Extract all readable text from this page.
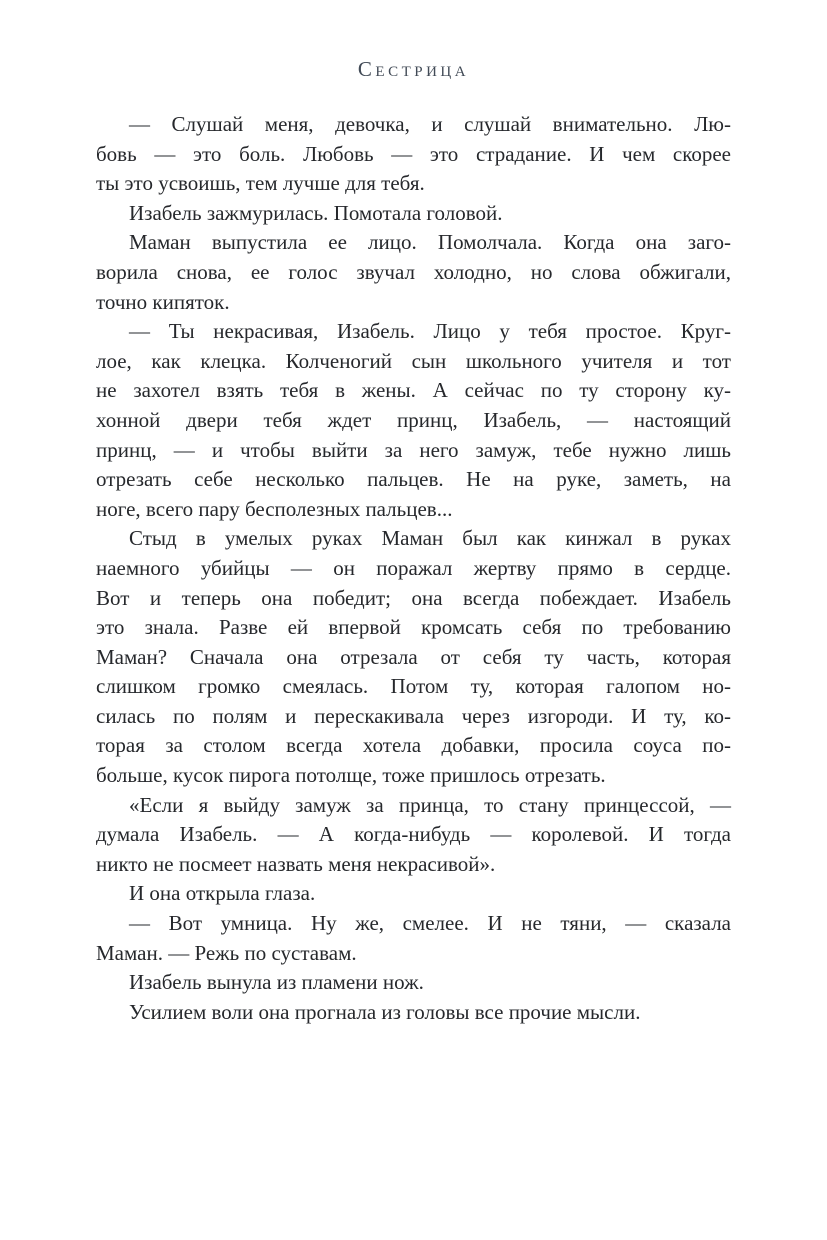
СЕСТРИЦА
— Слушай меня, девочка, и слушай внимательно. Лю-
бовь — это боль. Любовь — это страдание. И чем скорее
ты это усвоишь, тем лучше для тебя.
Изабель зажмурилась. Помотала головой.
Маман выпустила ее лицо. Помолчала. Когда она заго-
ворила снова, ее голос звучал холодно, но слова обжигали,
точно кипяток.
— Ты некрасивая, Изабель. Лицо у тебя простое. Круг-
лое, как клецка. Колченогий сын школьного учителя и тот
не захотел взять тебя в жены. А сейчас по ту сторону ку-
хонной двери тебя ждет принц, Изабель, — настоящий
принц, — и чтобы выйти за него замуж, тебе нужно лишь
отрезать себе несколько пальцев. Не на руке, заметь, на
ноге, всего пару бесполезных пальцев...
Стыд в умелых руках Маман был как кинжал в руках
наемного убийцы — он поражал жертву прямо в сердце.
Вот и теперь она победит; она всегда побеждает. Изабель
это знала. Разве ей впервой кромсать себя по требованию
Маман? Сначала она отрезала от себя ту часть, которая
слишком громко смеялась. Потом ту, которая галопом но-
силась по полям и перескакивала через изгороди. И ту, ко-
торая за столом всегда хотела добавки, просила соуса по-
больше, кусок пирога потолще, тоже пришлось отрезать.
«Если я выйду замуж за принца, то стану принцессой, —
думала Изабель. — А когда-нибудь — королевой. И тогда
никто не посмеет назвать меня некрасивой».
И она открыла глаза.
— Вот умница. Ну же, смелее. И не тяни, — сказала
Маман. — Режь по суставам.
Изабель вынула из пламени нож.
Усилием воли она прогнала из головы все прочие мысли.
